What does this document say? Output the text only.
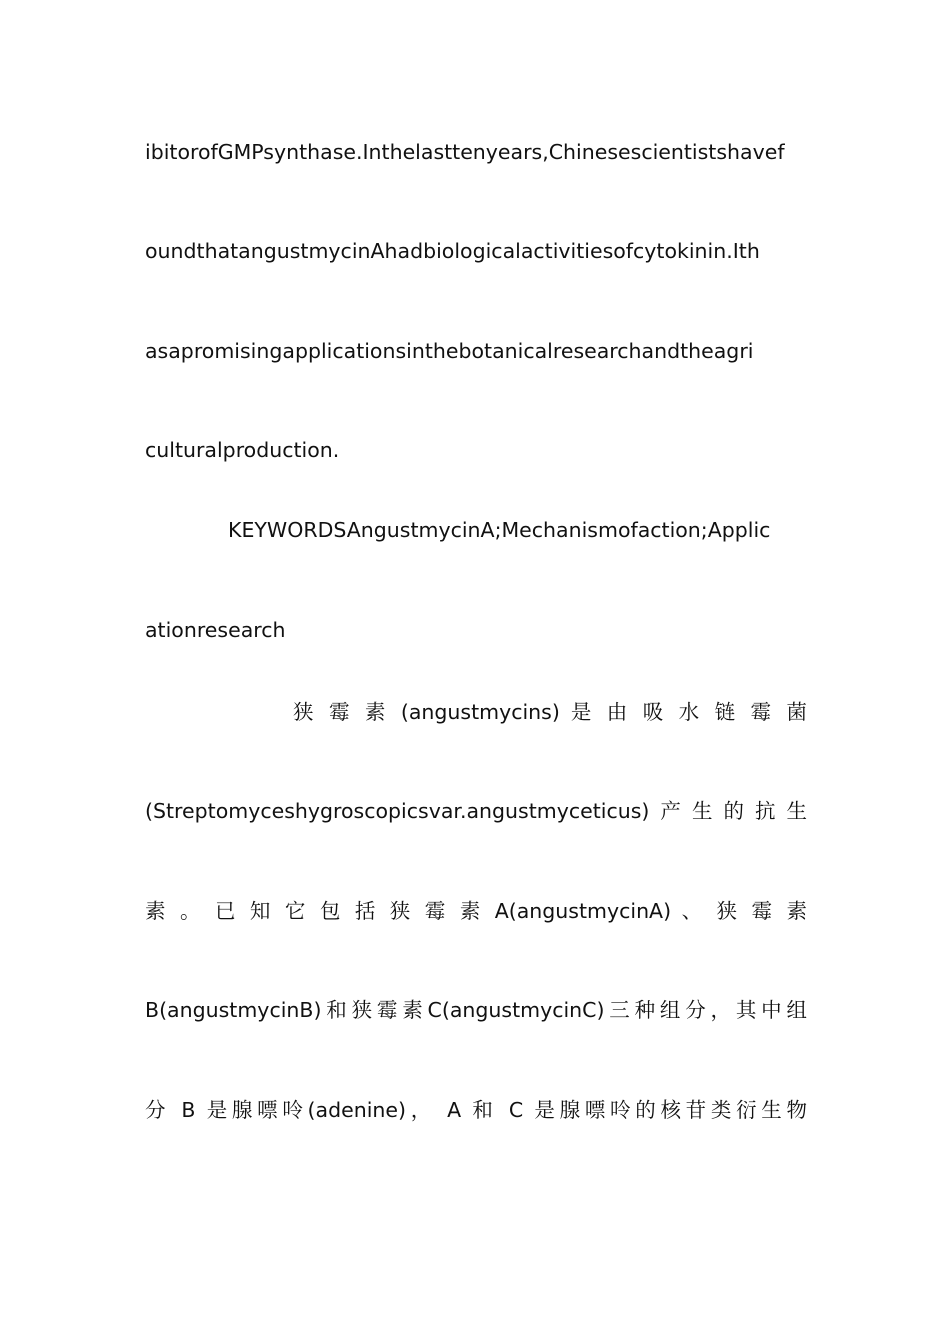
ibitorofGMPsynthase.Inthelasttenyears,Chinesescientistshavef
oundthatangustmycinAhadbiologicalactivitiesofcytokinin.Ith
asapromisingapplicationsinthebotanicalresearchandtheagri
culturalproduction.
KEYWORDSAngustmycinA;Mechanismofaction;Applic
ationresearch
狭 霉 素 (angustmycins) 是 由 吸 水 链 霉 菌
(Streptomyceshygroscopicsvar.angustmyceticus)产生的抗生
素 。 已 知 它 包 括 狭 霉 素 A(angustmycinA) 、 狭 霉 素
B(angustmycinB)和狭霉素C(angustmycinC)三种组分，其中组
分 B 是腺嘌呤(adenine)， A 和 C 是腺嘌呤的核苷类衍生物
